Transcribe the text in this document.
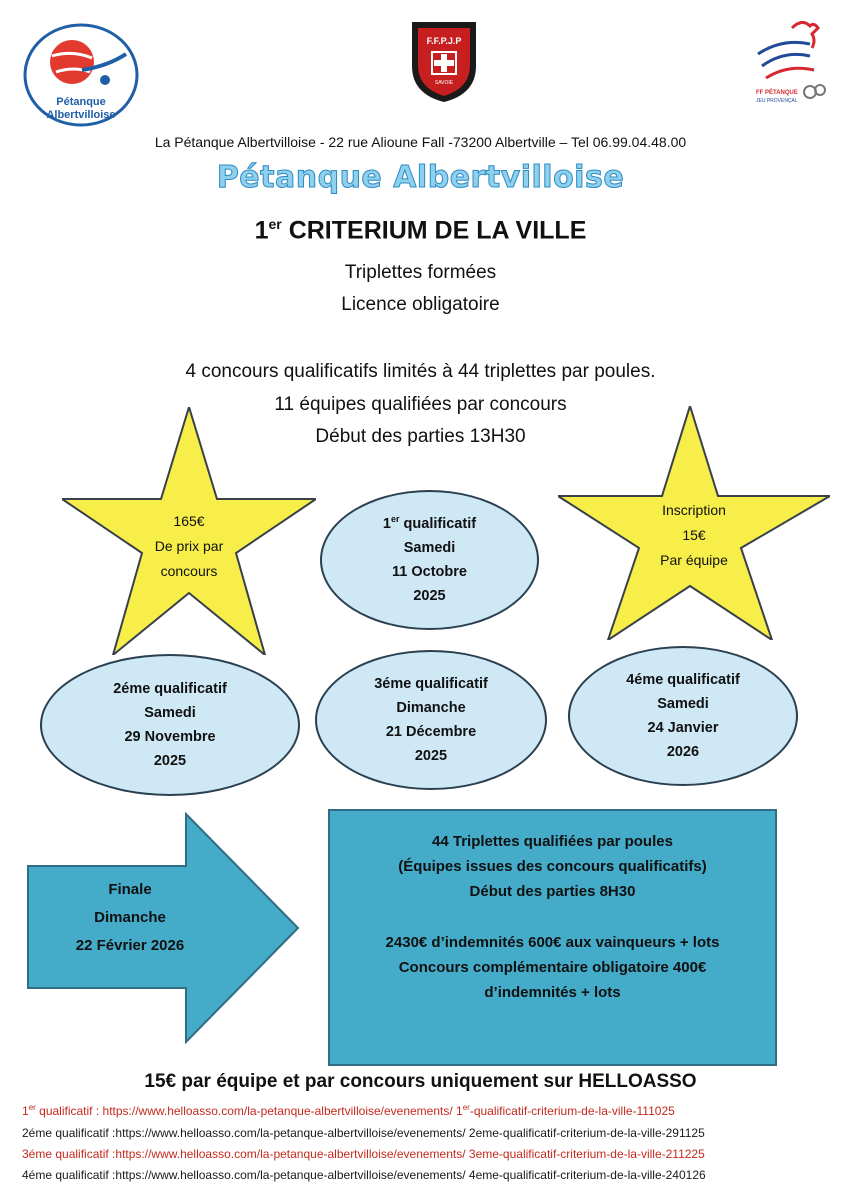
Pétanque
Albertvilloise
F.F.P.J.P
SAVOIE
FF PÉTANQUE
JEU PROVENÇAL
La Pétanque Albertvilloise - 22 rue Alioune Fall -73200 Albertville – Tel 06.99.04.48.00
Pétanque Albertvilloise
1er CRITERIUM DE LA VILLE
Triplettes formées
Licence obligatoire
4 concours qualificatifs limités à 44 triplettes par poules.
11 équipes qualifiées par concours
Début des parties 13H30
165€
De prix par
concours
Inscription
15€
Par équipe
1er qualificatif
Samedi
11 Octobre
2025
2éme qualificatif
Samedi
29 Novembre
2025
3éme qualificatif
Dimanche
21 Décembre
2025
4éme qualificatif
Samedi
24 Janvier
2026
Finale
Dimanche
22 Février 2026
44 Triplettes qualifiées par poules
(Équipes issues des concours qualificatifs)
Début des parties 8H30
2430€ d’indemnités 600€ aux vainqueurs + lots
Concours complémentaire obligatoire 400€
d’indemnités + lots
15€ par équipe et par concours uniquement sur HELLOASSO
1er qualificatif : https://www.helloasso.com/la-petanque-albertvilloise/evenements/ 1er-qualificatif-criterium-de-la-ville-111025
2éme qualificatif :https://www.helloasso.com/la-petanque-albertvilloise/evenements/ 2eme-qualificatif-criterium-de-la-ville-291125
3éme qualificatif :https://www.helloasso.com/la-petanque-albertvilloise/evenements/ 3eme-qualificatif-criterium-de-la-ville-211225
4éme qualificatif :https://www.helloasso.com/la-petanque-albertvilloise/evenements/ 4eme-qualificatif-criterium-de-la-ville-240126
